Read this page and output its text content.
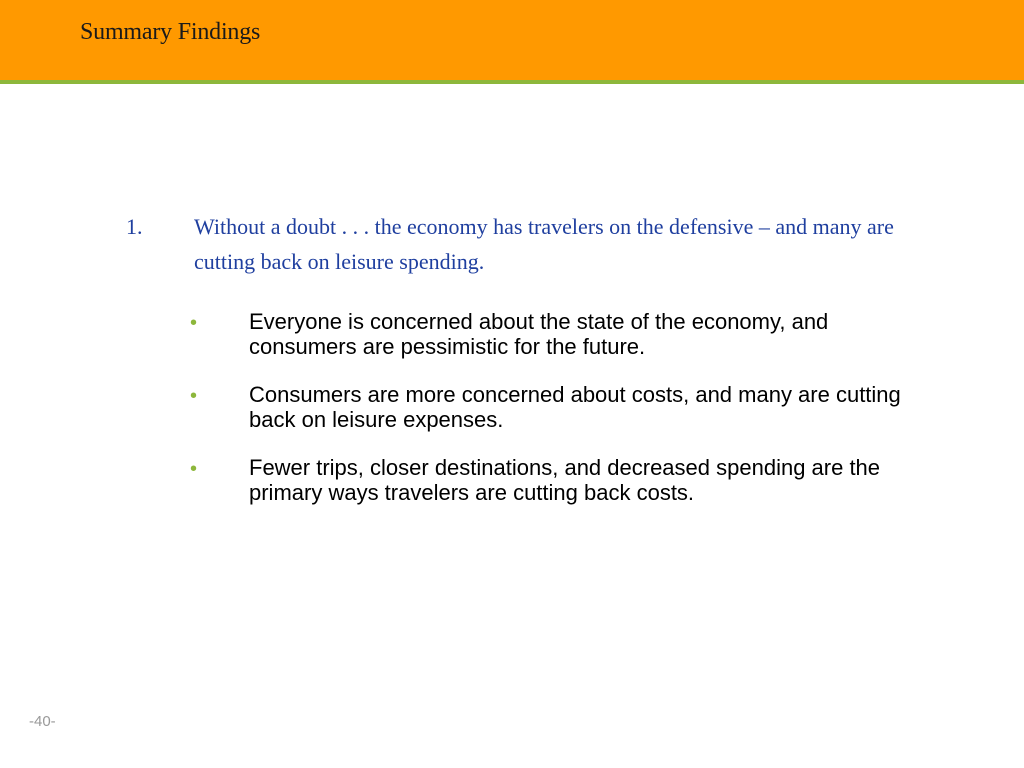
Summary Findings
1. Without a doubt . . . the economy has travelers on the defensive – and many are cutting back on leisure spending.
• Everyone is concerned about the state of the economy, and consumers are pessimistic for the future.
• Consumers are more concerned about costs, and many are cutting back on leisure expenses.
• Fewer trips, closer destinations, and decreased spending are the primary ways travelers are cutting back costs.
-40-
